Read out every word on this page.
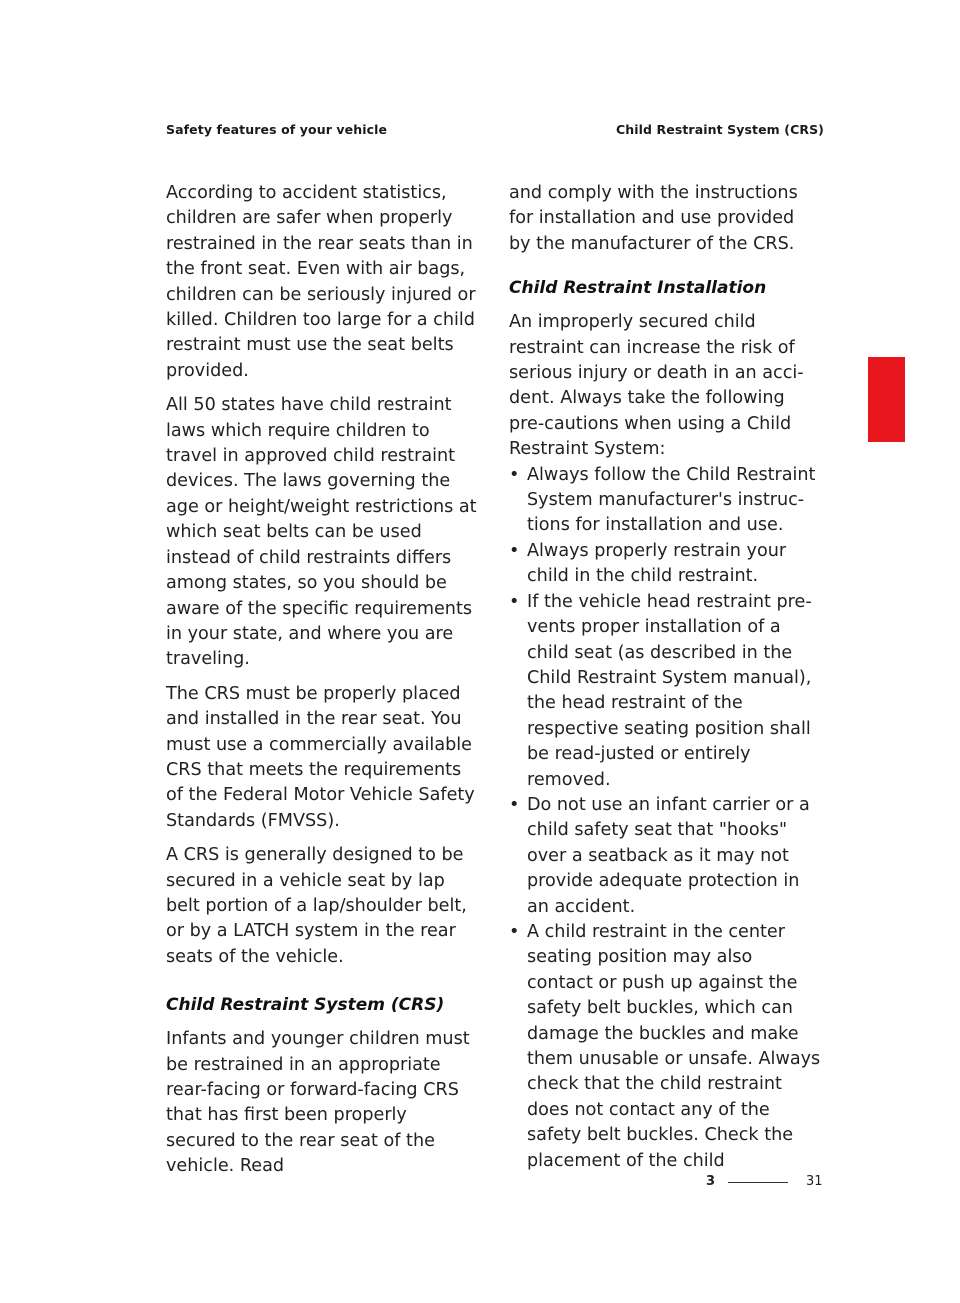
Safety features of your vehicle	Child Restraint System (CRS)

According to accident statistics, children are safer when properly restrained in the rear seats than in the front seat. Even with air bags, children can be seriously injured or killed. Children too large for a child restraint must use the seat belts provided.

All 50 states have child restraint laws which require children to travel in approved child restraint devices. The laws governing the age or height/weight restrictions at which seat belts can be used instead of child restraints differs among states, so you should be aware of the specific requirements in your state, and where you are traveling.

The CRS must be properly placed and installed in the rear seat. You must use a commercially available CRS that meets the requirements of the Federal Motor Vehicle Safety Standards (FMVSS).

A CRS is generally designed to be secured in a vehicle seat by lap belt portion of a lap/shoulder belt, or by a LATCH system in the rear seats of the vehicle.

Child Restraint System (CRS)

Infants and younger children must be restrained in an appropriate rear-facing or forward-facing CRS that has first been properly secured to the rear seat of the vehicle. Read

and comply with the instructions for installation and use provided by the manufacturer of the CRS.

Child Restraint Installation

An improperly secured child restraint can increase the risk of serious injury or death in an acci-dent. Always take the following pre-cautions when using a Child Restraint System:

• Always follow the Child Restraint System manufacturer's instruc-tions for installation and use.
• Always properly restrain your child in the child restraint.
• If the vehicle head restraint pre-vents proper installation of a child seat (as described in the Child Restraint System manual), the head restraint of the respective seating position shall be read-justed or entirely removed.
• Do not use an infant carrier or a child safety seat that "hooks" over a seatback as it may not provide adequate protection in an accident.
• A child restraint in the center seating position may also contact or push up against the safety belt buckles, which can damage the buckles and make them unusable or unsafe. Always check that the child restraint does not contact any of the safety belt buckles. Check the placement of the child
3
3	31
